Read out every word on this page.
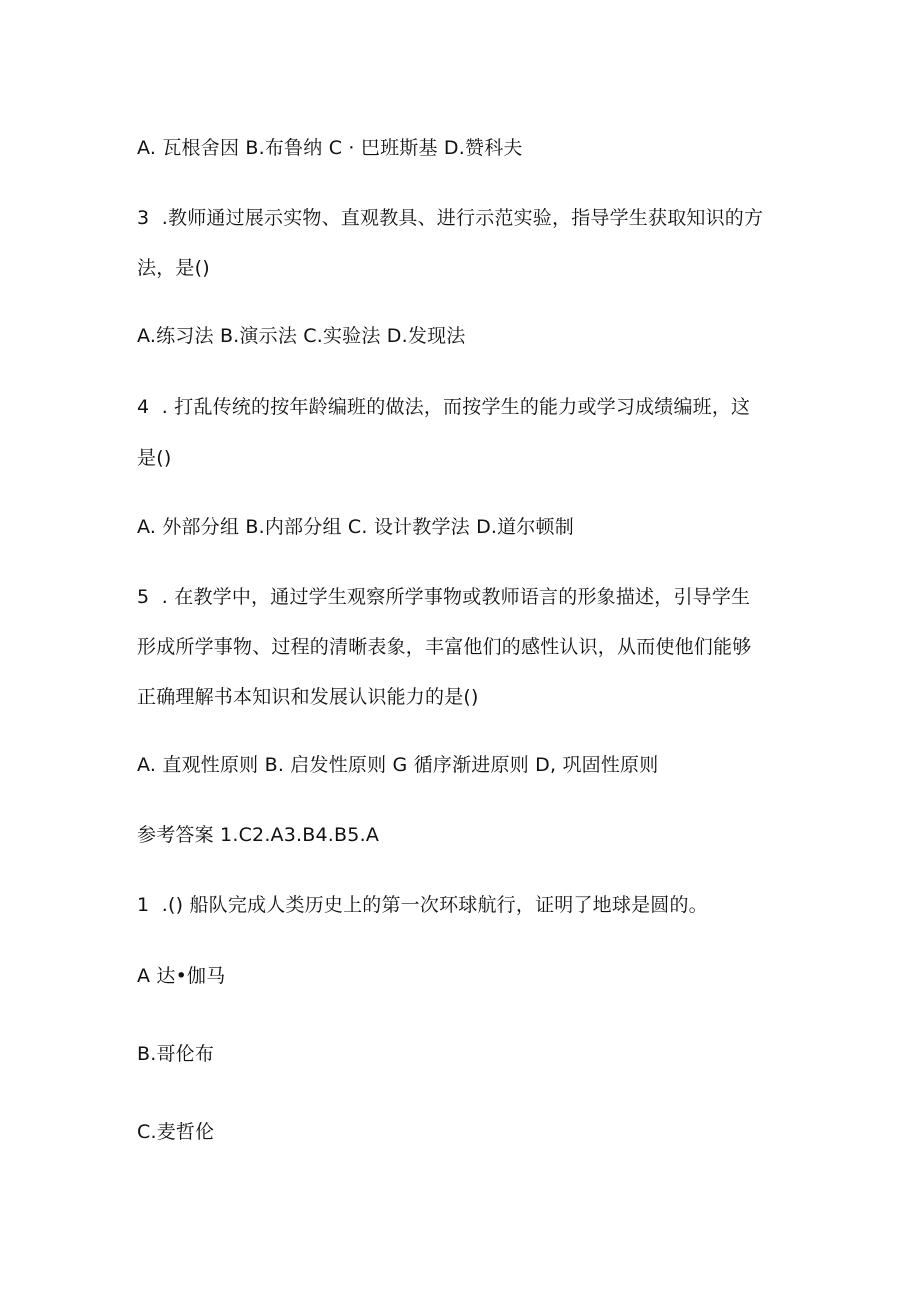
A. 瓦根舍因 B.布鲁纳 C · 巴班斯基 D.赞科夫
3  .教师通过展示实物、直观教具、进行示范实验，指导学生获取知识的方
法，是()
A.练习法 B.演示法 C.实验法 D.发现法
4  . 打乱传统的按年龄编班的做法，而按学生的能力或学习成绩编班，这
是()
A. 外部分组 B.内部分组 C. 设计教学法 D.道尔顿制
5  . 在教学中，通过学生观察所学事物或教师语言的形象描述，引导学生
形成所学事物、过程的清晰表象，丰富他们的感性认识，从而使他们能够
正确理解书本知识和发展认识能力的是()
A. 直观性原则 B. 启发性原则 G 循序渐进原则 D, 巩固性原则
参考答案 1.C2.A3.B4.B5.A
1  .() 船队完成人类历史上的第一次环球航行，证明了地球是圆的。
A 达•伽马
B.哥伦布
C.麦哲伦
